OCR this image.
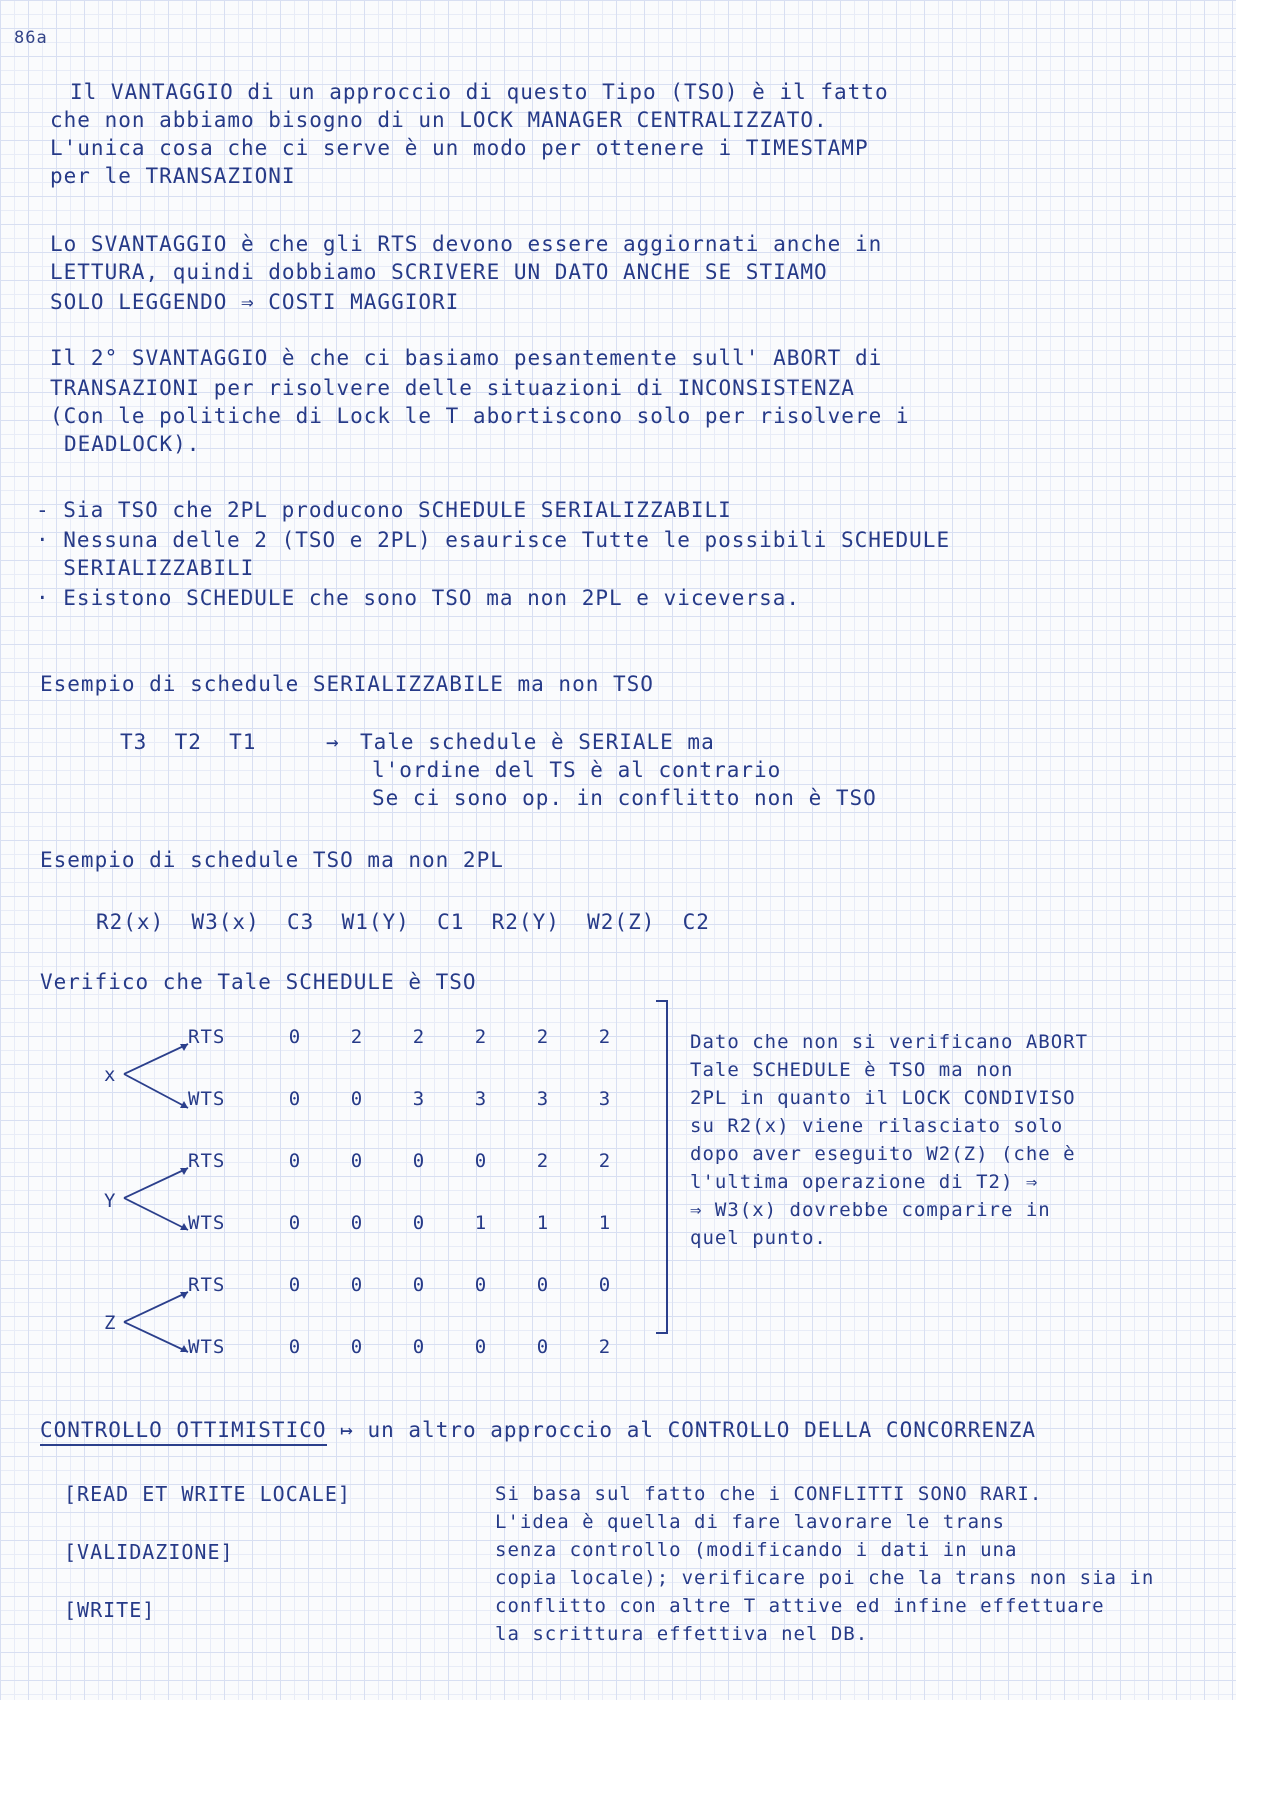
86a
Il VANTAGGIO di un approccio di questo Tipo (TSO) è il fatto
che non abbiamo bisogno di un LOCK MANAGER CENTRALIZZATO.
L'unica cosa che ci serve è un modo per ottenere i TIMESTAMP
per le TRANSAZIONI
Lo SVANTAGGIO è che gli RTS devono essere aggiornati anche in
LETTURA, quindi dobbiamo SCRIVERE UN DATO ANCHE SE STIAMO
SOLO LEGGENDO ⇒ COSTI MAGGIORI
Il 2° SVANTAGGIO è che ci basiamo pesantemente sull' ABORT di
TRANSAZIONI per risolvere delle situazioni di INCONSISTENZA
(Con le politiche di Lock le T abortiscono solo per risolvere i
DEADLOCK).
- Sia TSO che 2PL producono SCHEDULE SERIALIZZABILI
· Nessuna delle 2 (TSO e 2PL) esaurisce Tutte le possibili SCHEDULE
SERIALIZZABILI
· Esistono SCHEDULE che sono TSO ma non 2PL e viceversa.
Esempio di schedule SERIALIZZABILE ma non TSO
T3  T2  T1	→ Tale schedule è SERIALE ma
l'ordine del TS è al contrario
Se ci sono op. in conflitto non è TSO
Esempio di schedule TSO ma non 2PL
R2(x)  W3(x)  C3  W1(Y)  C1  R2(Y)  W2(Z)  C2
Verifico che Tale SCHEDULE è TSO
x
Y
Z
RTS	0	2	2	2	2	2
WTS	0	0	3	3	3	3
RTS	0	0	0	0	2	2
WTS	0	0	0	1	1	1
RTS	0	0	0	0	0	0
WTS	0	0	0	0	0	2
Dato che non si verificano ABORT
Tale SCHEDULE è TSO ma non
2PL in quanto il LOCK CONDIVISO
su R2(x) viene rilasciato solo
dopo aver eseguito W2(Z) (che è
l'ultima operazione di T2) ⇒
⇒ W3(x) dovrebbe comparire in
quel punto.
CONTROLLO OTTIMISTICO ↦ un altro approccio al CONTROLLO DELLA CONCORRENZA
[READ ET WRITE LOCALE]
[VALIDAZIONE]
[WRITE]
Si basa sul fatto che i CONFLITTI SONO RARI.
L'idea è quella di fare lavorare le trans
senza controllo (modificando i dati in una
copia locale); verificare poi che la trans non sia in
conflitto con altre T attive ed infine effettuare
la scrittura effettiva nel DB.
